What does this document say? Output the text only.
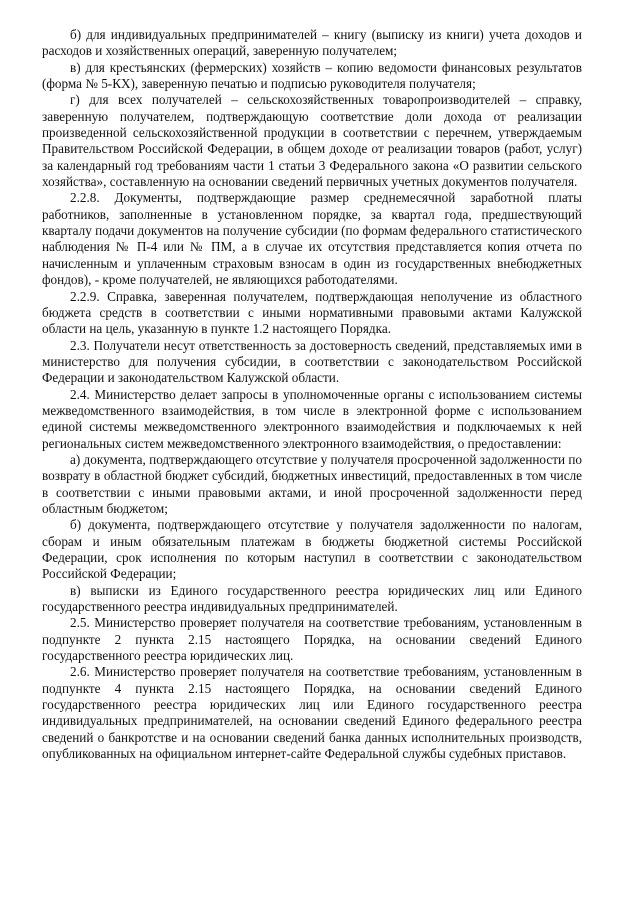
б) для индивидуальных предпринимателей – книгу (выписку из книги) учета доходов и расходов и хозяйственных операций, заверенную получателем;

в) для крестьянских (фермерских) хозяйств – копию ведомости финансовых результатов (форма № 5-КХ), заверенную печатью и подписью руководителя получателя;

г) для всех получателей – сельскохозяйственных товаропроизводителей – справку, заверенную получателем, подтверждающую соответствие доли дохода от реализации произведенной сельскохозяйственной продукции в соответствии с перечнем, утверждаемым Правительством Российской Федерации, в общем доходе от реализации товаров (работ, услуг) за календарный год требованиям части 1 статьи 3 Федерального закона «О развитии сельского хозяйства», составленную на основании сведений первичных учетных документов получателя.

2.2.8. Документы, подтверждающие размер среднемесячной заработной платы работников, заполненные в установленном порядке, за квартал года, предшествующий кварталу подачи документов на получение субсидии (по формам федерального статистического наблюдения № П-4 или № ПМ, а в случае их отсутствия представляется копия отчета по начисленным и уплаченным страховым взносам в один из государственных внебюджетных фондов), - кроме получателей, не являющихся работодателями.

2.2.9. Справка, заверенная получателем, подтверждающая неполучение из областного бюджета средств в соответствии с иными нормативными правовыми актами Калужской области на цель, указанную в пункте 1.2 настоящего Порядка.

2.3. Получатели несут ответственность за достоверность сведений, представляемых ими в министерство для получения субсидии, в соответствии с законодательством Российской Федерации и законодательством Калужской области.

2.4. Министерство делает запросы в уполномоченные органы с использованием системы межведомственного взаимодействия, в том числе в электронной форме с использованием единой системы межведомственного электронного взаимодействия и подключаемых к ней региональных систем межведомственного электронного взаимодействия, о предоставлении:

а) документа, подтверждающего отсутствие у получателя просроченной задолженности по возврату в областной бюджет субсидий, бюджетных инвестиций, предоставленных в том числе в соответствии с иными правовыми актами, и иной просроченной задолженности перед областным бюджетом;

б) документа, подтверждающего отсутствие у получателя задолженности по налогам, сборам и иным обязательным платежам в бюджеты бюджетной системы Российской Федерации, срок исполнения по которым наступил в соответствии с законодательством Российской Федерации;

в) выписки из Единого государственного реестра юридических лиц или Единого государственного реестра индивидуальных предпринимателей.

2.5. Министерство проверяет получателя на соответствие требованиям, установленным в подпункте 2 пункта 2.15 настоящего Порядка, на основании сведений Единого государственного реестра юридических лиц.

2.6. Министерство проверяет получателя на соответствие требованиям, установленным в подпункте 4 пункта 2.15 настоящего Порядка, на основании сведений Единого государственного реестра юридических лиц или Единого государственного реестра индивидуальных предпринимателей, на основании сведений Единого федерального реестра сведений о банкротстве и на основании сведений банка данных исполнительных производств, опубликованных на официальном интернет-сайте Федеральной службы судебных приставов.
